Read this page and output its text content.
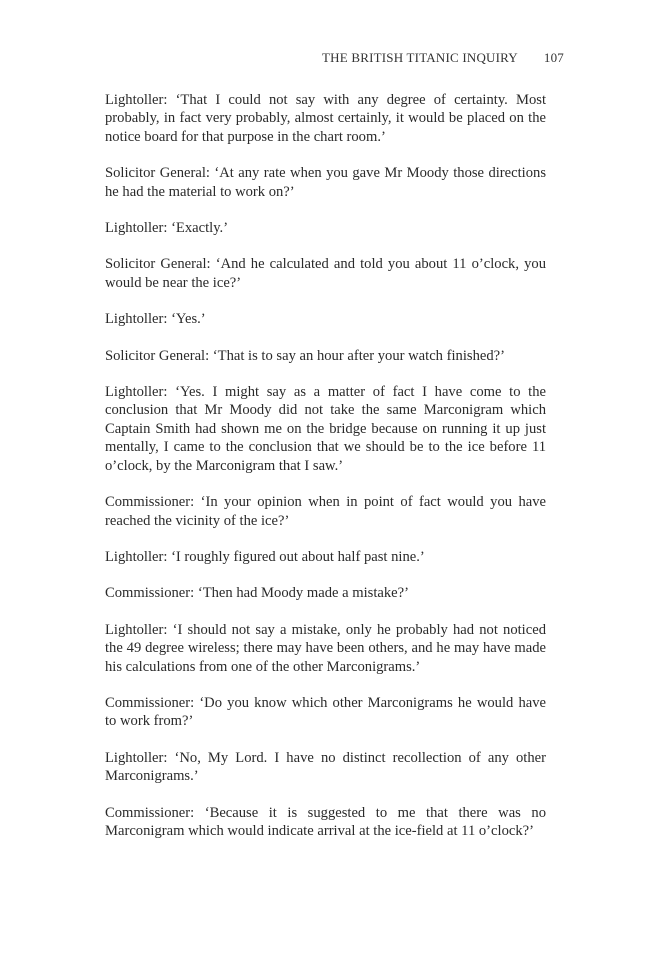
THE BRITISH TITANIC INQUIRY 107

Lightoller: ‘That I could not say with any degree of certainty. Most probably, in fact very probably, almost certainly, it would be placed on the notice board for that purpose in the chart room.’

Solicitor General: ‘At any rate when you gave Mr Moody those directions he had the material to work on?’

Lightoller: ‘Exactly.’

Solicitor General: ‘And he calculated and told you about 11 o’clock, you would be near the ice?’

Lightoller: ‘Yes.’

Solicitor General: ‘That is to say an hour after your watch finished?’

Lightoller: ‘Yes. I might say as a matter of fact I have come to the conclusion that Mr Moody did not take the same Marconigram which Captain Smith had shown me on the bridge because on running it up just mentally, I came to the conclusion that we should be to the ice before 11 o’clock, by the Marconigram that I saw.’

Commissioner: ‘In your opinion when in point of fact would you have reached the vicinity of the ice?’

Lightoller: ‘I roughly figured out about half past nine.’

Commissioner: ‘Then had Moody made a mistake?’

Lightoller: ‘I should not say a mistake, only he probably had not noticed the 49 degree wireless; there may have been others, and he may have made his calculations from one of the other Marconigrams.’

Commissioner: ‘Do you know which other Marconigrams he would have to work from?’

Lightoller: ‘No, My Lord. I have no distinct recollection of any other Marconigrams.’

Commissioner: ‘Because it is suggested to me that there was no Marconigram which would indicate arrival at the ice-field at 11 o’clock?’
